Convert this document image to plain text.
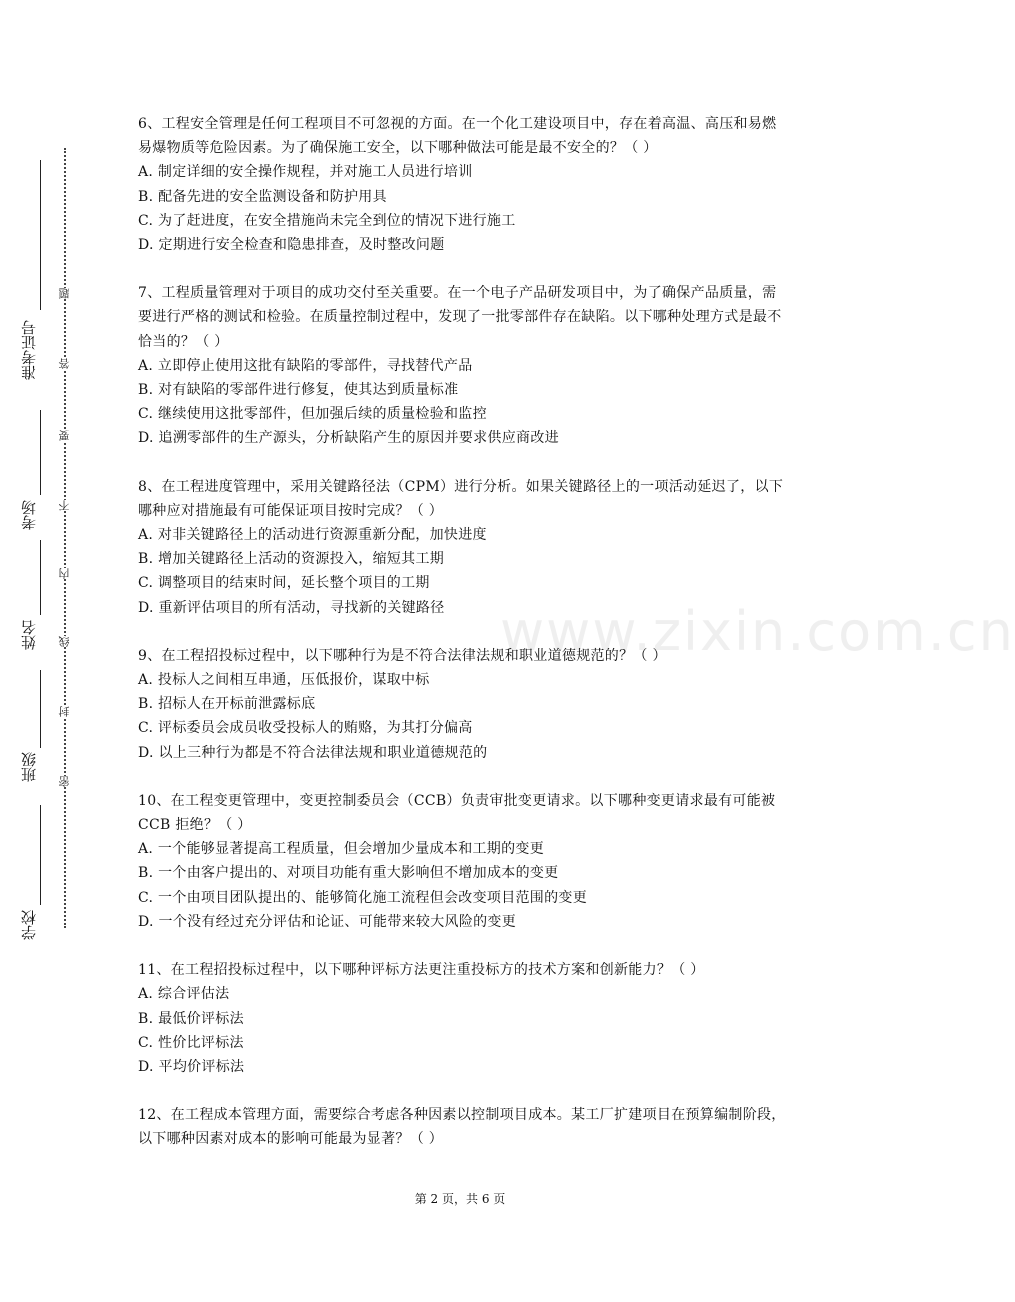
准考证号
考场
姓名
班级
学校
题
答
要
不
内
线
封
密
www.zixin.com.cn
6、工程安全管理是任何工程项目不可忽视的方面。在一个化工建设项目中，存在着高温、高压和易燃易爆物质等危险因素。为了确保施工安全，以下哪种做法可能是最不安全的？（ ）
A. 制定详细的安全操作规程，并对施工人员进行培训
B. 配备先进的安全监测设备和防护用具
C. 为了赶进度，在安全措施尚未完全到位的情况下进行施工
D. 定期进行安全检查和隐患排查，及时整改问题
7、工程质量管理对于项目的成功交付至关重要。在一个电子产品研发项目中，为了确保产品质量，需要进行严格的测试和检验。在质量控制过程中，发现了一批零部件存在缺陷。以下哪种处理方式是最不恰当的？（ ）
A. 立即停止使用这批有缺陷的零部件，寻找替代产品
B. 对有缺陷的零部件进行修复，使其达到质量标准
C. 继续使用这批零部件，但加强后续的质量检验和监控
D. 追溯零部件的生产源头，分析缺陷产生的原因并要求供应商改进
8、在工程进度管理中，采用关键路径法（CPM）进行分析。如果关键路径上的一项活动延迟了，以下哪种应对措施最有可能保证项目按时完成？（ ）
A. 对非关键路径上的活动进行资源重新分配，加快进度
B. 增加关键路径上活动的资源投入，缩短其工期
C. 调整项目的结束时间，延长整个项目的工期
D. 重新评估项目的所有活动，寻找新的关键路径
9、在工程招投标过程中，以下哪种行为是不符合法律法规和职业道德规范的？（ ）
A. 投标人之间相互串通，压低报价，谋取中标
B. 招标人在开标前泄露标底
C. 评标委员会成员收受投标人的贿赂，为其打分偏高
D. 以上三种行为都是不符合法律法规和职业道德规范的
10、在工程变更管理中，变更控制委员会（CCB）负责审批变更请求。以下哪种变更请求最有可能被 CCB 拒绝？（ ）
A. 一个能够显著提高工程质量，但会增加少量成本和工期的变更
B. 一个由客户提出的、对项目功能有重大影响但不增加成本的变更
C. 一个由项目团队提出的、能够简化施工流程但会改变项目范围的变更
D. 一个没有经过充分评估和论证、可能带来较大风险的变更
11、在工程招投标过程中，以下哪种评标方法更注重投标方的技术方案和创新能力？（ ）
A. 综合评估法
B. 最低价评标法
C. 性价比评标法
D. 平均价评标法
12、在工程成本管理方面，需要综合考虑各种因素以控制项目成本。某工厂扩建项目在预算编制阶段，以下哪种因素对成本的影响可能最为显著？（ ）
第 2 页，共 6 页
